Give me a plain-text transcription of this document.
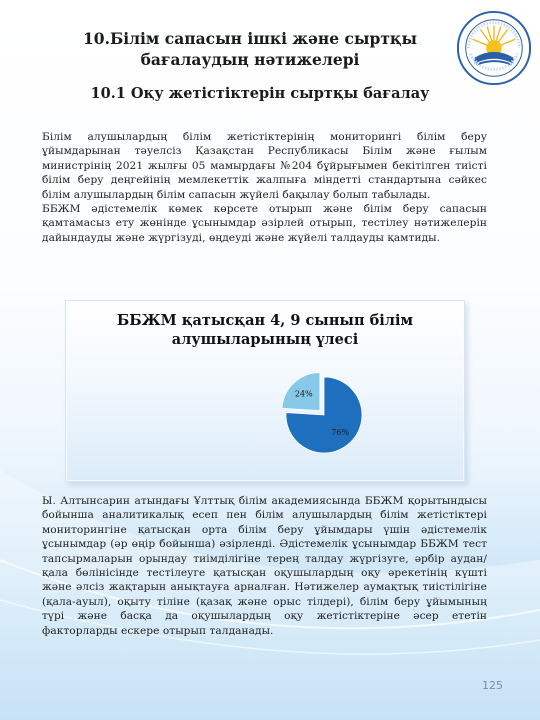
10.Білім сапасын ішкі және сыртқы
бағалаудың нәтижелері
10.1 Оқу жетістіктерін сыртқы бағалау

Білім алушылардың білім жетістіктерінің мониторингі білім беру ұйымдарынан тәуелсіз Қазақстан Республикасы Білім және ғылым министрінің 2021 жылғы 05 мамырдағы №204 бұйрығымен бекітілген тиісті білім беру деңгейінің мемлекеттік жалпыға міндетті стандартына сәйкес білім алушылардың білім сапасын жүйелі бақылау болып табылады.

ББЖМ әдістемелік көмек көрсете отырып және білім беру сапасын қамтамасыз ету жөнінде ұсынымдар әзірлей отырып, тестілеу нәтижелерін дайындауды және жүргізуді, өңдеуді және жүйелі талдауды қамтиды.

ББЖМ қатысқан 4, 9 сынып білім алушыларының үлесі
76%
24%

Ы. Алтынсарин атындағы Ұлттық білім академиясында ББЖМ қорытындысы бойынша аналитикалық есеп пен білім алушылардың білім жетістіктері мониторингіне қатысқан орта білім беру ұйымдары үшін әдістемелік ұсынымдар (әр өңір бойынша) әзірленді. Әдістемелік ұсынымдар ББЖМ тест тапсырмаларын орындау тиімділігіне терең талдау жүргізуге, әрбір аудан/қала бөлінісінде тестілеуге қатысқан оқушылардың оқу әрекетінің күшті және әлсіз жақтарын анықтауға арналған. Нәтижелер аумақтық тиістілігіне (қала-ауыл), оқыту тіліне (қазақ және орыс тілдері), білім беру ұйымының түрі және басқа да оқушылардың оқу жетістіктеріне әсер ететін факторларды ескере отырып талданады.

125
